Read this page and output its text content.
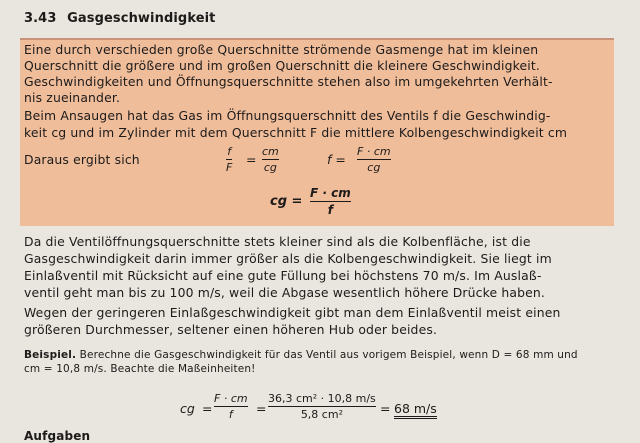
3.43 Gasgeschwindigkeit
Eine durch verschieden große Querschnitte strömende Gasmenge hat im kleinen
Querschnitt die größere und im großen Querschnitt die kleinere Geschwindigkeit.
Geschwindigkeiten und Öffnungsquerschnitte stehen also im umgekehrten Verhält-
nis zueinander.
Beim Ansaugen hat das Gas im Öffnungsquerschnitt des Ventils f die Geschwindig-
keit cg und im Zylinder mit dem Querschnitt F die mittlere Kolbengeschwindigkeit cm
Daraus ergibt sich
f
F
=
cm
cg
f =
F · cm
cg
cg =
F · cm
f
Da die Ventilöffnungsquerschnitte stets kleiner sind als die Kolbenfläche, ist die
Gasgeschwindigkeit darin immer größer als die Kolbengeschwindigkeit. Sie liegt im
Einlaßventil mit Rücksicht auf eine gute Füllung bei höchstens 70 m/s. Im Auslaß-
ventil geht man bis zu 100 m/s, weil die Abgase wesentlich höhere Drücke haben.
Wegen der geringeren Einlaßgeschwindigkeit gibt man dem Einlaßventil meist einen
größeren Durchmesser, seltener einen höheren Hub oder beides.
Beispiel. Berechne die Gasgeschwindigkeit für das Ventil aus vorigem Beispiel, wenn D = 68 mm und
cm = 10,8 m/s. Beachte die Maßeinheiten!
cg =
F · cm
f =
36,3 cm² · 10,8 m/s
5,8 cm²	= 68 m/s
Aufgaben
